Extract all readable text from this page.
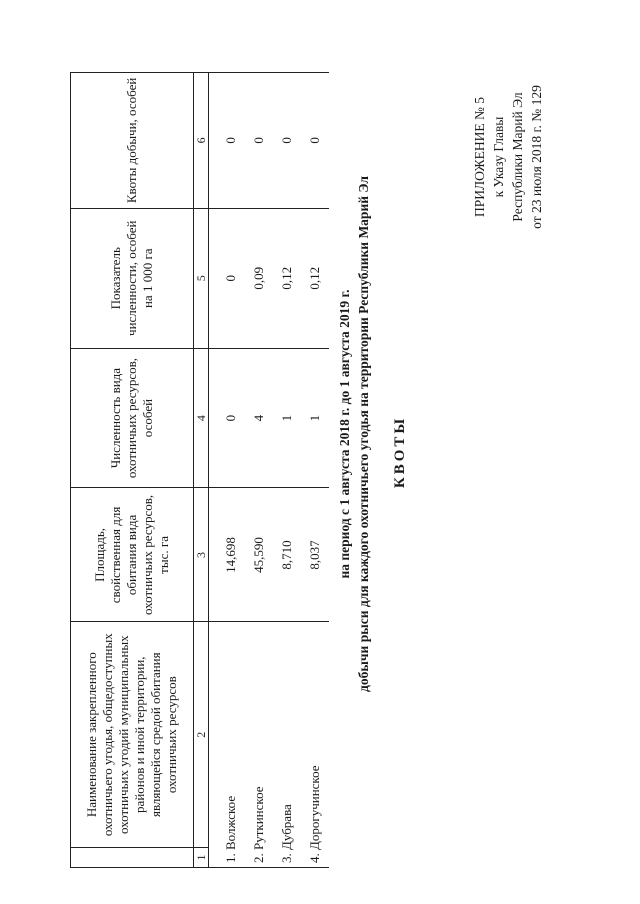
ПРИЛОЖЕНИЕ № 5 к Указу Главы Республики Марий Эл от 23 июля 2018 г. № 129
КВОТЫ
добычи рыси для каждого охотничьего угодья на территории Республики Марий Эл
на период с 1 августа 2018 г. до 1 августа 2019 г.
	Наименование закрепленного охотничьего угодья, общедоступных охотничьих угодий муниципальных районов и иной территории, являющейся средой обитания охотничьих ресурсов	Площадь, свойственная для обитания вида охотничьих ресурсов, тыс. га	Численность вида охотничьих ресурсов, особей	Показатель численности, особей на 1 000 га	Квоты добычи, особей
1	2	3	4	5	6
1. Волжское		14,698	0	0	0
2. Руткинское		45,590	4	0,09	0
3. Дубрава		8,710	1	0,12	0
4. Дорогучинское		8,037	1	0,12	0
